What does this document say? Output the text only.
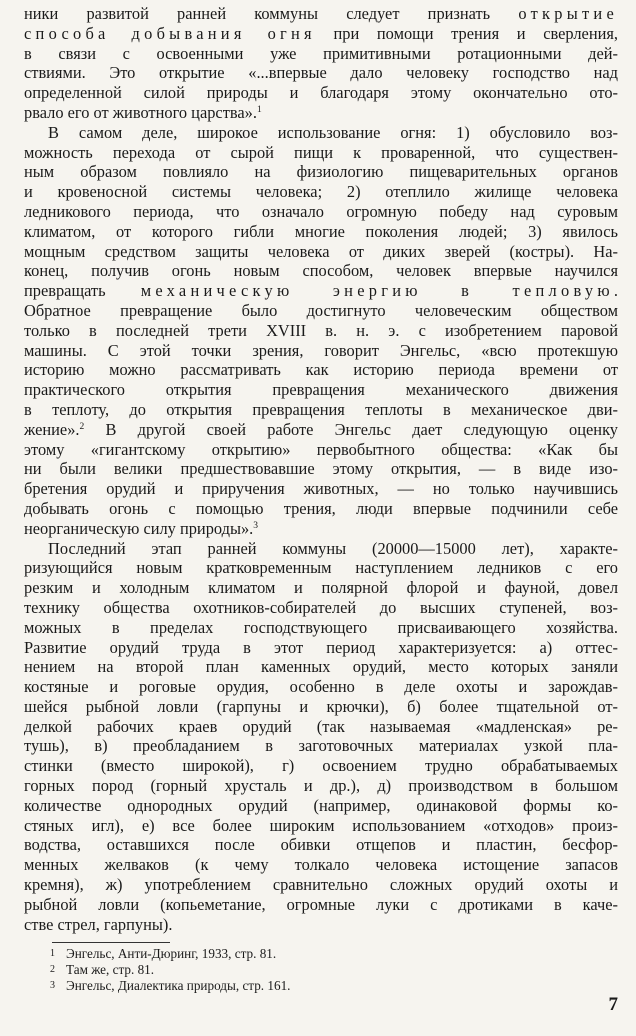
ники развитой ранней коммуны следует признать открытие
способа добывания огня при помощи трения и сверления,
в связи с освоенными уже примитивными ротационными дей-
ствиями. Это открытие «...впервые дало человеку господство над
определенной силой природы и благодаря этому окончательно ото-
рвало его от животного царства».$^1$
В самом деле, широкое использование огня: 1) обусловило воз-
можность перехода от сырой пищи к проваренной, что существен-
ным образом повлияло на физиологию пищеварительных органов
и кровеносной системы человека; 2) отеплило жилище человека
ледникового периода, что означало огромную победу над суровым
климатом, от которого гибли многие поколения людей; 3) явилось
мощным средством защиты человека от диких зверей (костры). На-
конец, получив огонь новым способом, человек впервые научился
превращать механическую энергию в тепловую.
Обратное превращение было достигнуто человеческим обществом
только в последней трети XVIII в. н. э. с изобретением паровой
машины. С этой точки зрения, говорит Энгельс, «всю протекшую
историю можно рассматривать как историю периода времени от
практического открытия превращения механического движения
в теплоту, до открытия превращения теплоты в механическое дви-
жение».$^2$ В другой своей работе Энгельс дает следующую оценку
этому «гигантскому открытию» первобытного общества: «Как бы
ни были велики предшествовавшие этому открытия, — в виде изо-
бретения орудий и приручения животных, — но только научившись
добывать огонь с помощью трения, люди впервые подчинили себе
неорганическую силу природы».$^3$
Последний этап ранней коммуны (20000—15000 лет), характе-
ризующийся новым кратковременным наступлением ледников с его
резким и холодным климатом и полярной флорой и фауной, довел
технику общества охотников-собирателей до высших ступеней, воз-
можных в пределах господствующего присваивающего хозяйства.
Развитие орудий труда в этот период характеризуется: а) оттес-
нением на второй план каменных орудий, место которых заняли
костяные и роговые орудия, особенно в деле охоты и зарождав-
шейся рыбной ловли (гарпуны и крючки), б) более тщательной от-
делкой рабочих краев орудий (так называемая «мадленская» ре-
тушь), в) преобладанием в заготовочных материалах узкой пла-
стинки (вместо широкой), г) освоением трудно обрабатываемых
горных пород (горный хрусталь и др.), д) производством в большом
количестве однородных орудий (например, одинаковой формы ко-
стяных игл), е) все более широким использованием «отходов» произ-
водства, оставшихся после обивки отщепов и пластин, бесфор-
менных желваков (к чему толкало человека истощение запасов
кремня), ж) употреблением сравнительно сложных орудий охоты и
рыбной ловли (копьеметание, огромные луки с дротиками в каче-
стве стрел, гарпуны).
1 Энгельс, Анти-Дюринг, 1933, стр. 81.
2 Там же, стр. 81.
3 Энгельс, Диалектика природы, стр. 161.
7
